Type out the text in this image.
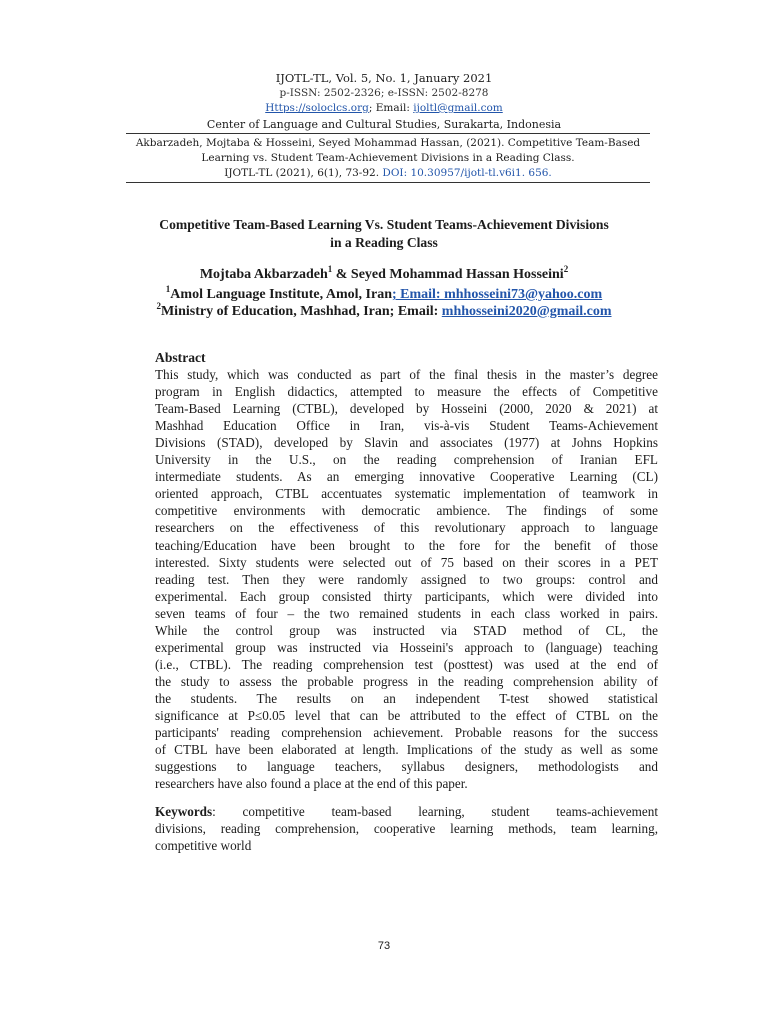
IJOTL-TL, Vol. 5, No. 1, January 2021
p-ISSN: 2502-2326; e-ISSN: 2502-8278
Https://soloclcs.org; Email: ijoltl@gmail.com
Center of Language and Cultural Studies, Surakarta, Indonesia
Akbarzadeh, Mojtaba & Hosseini, Seyed Mohammad Hassan, (2021). Competitive Team-Based
Learning vs. Student Team-Achievement Divisions in a Reading Class.
IJOTL-TL (2021), 6(1), 73-92. DOI: 10.30957/ijotl-tl.v6i1. 656.
Competitive Team-Based Learning Vs. Student Teams-Achievement Divisions
in a Reading Class
Mojtaba Akbarzadeh$^1$ & Seyed Mohammad Hassan Hosseini$^2$
$^1$Amol Language Institute, Amol, Iran; Email: mhhosseini73@yahoo.com
$^2$Ministry of Education, Mashhad, Iran; Email: mhhosseini2020@gmail.com
Abstract
This study, which was conducted as part of the final thesis in the master’s degree
program in English didactics, attempted to measure the effects of Competitive
Team-Based Learning (CTBL), developed by Hosseini (2000, 2020 & 2021) at
Mashhad Education Office in Iran, vis-à-vis Student Teams-Achievement
Divisions (STAD), developed by Slavin and associates (1977) at Johns Hopkins
University in the U.S., on the reading comprehension of Iranian EFL
intermediate students. As an emerging innovative Cooperative Learning (CL)
oriented approach, CTBL accentuates systematic implementation of teamwork in
competitive environments with democratic ambience. The findings of some
researchers on the effectiveness of this revolutionary approach to language
teaching/Education have been brought to the fore for the benefit of those
interested. Sixty students were selected out of 75 based on their scores in a PET
reading test. Then they were randomly assigned to two groups: control and
experimental. Each group consisted thirty participants, which were divided into
seven teams of four – the two remained students in each class worked in pairs.
While the control group was instructed via STAD method of CL, the
experimental group was instructed via Hosseini's approach to (language) teaching
(i.e., CTBL). The reading comprehension test (posttest) was used at the end of
the study to assess the probable progress in the reading comprehension ability of
the students. The results on an independent T-test showed statistical
significance at P≤0.05 level that can be attributed to the effect of CTBL on the
participants' reading comprehension achievement. Probable reasons for the success
of CTBL have been elaborated at length. Implications of the study as well as some
suggestions to language teachers, syllabus designers, methodologists and
researchers have also found a place at the end of this paper.
Keywords: competitive team-based learning, student teams-achievement
divisions, reading comprehension, cooperative learning methods, team learning,
competitive world
73
